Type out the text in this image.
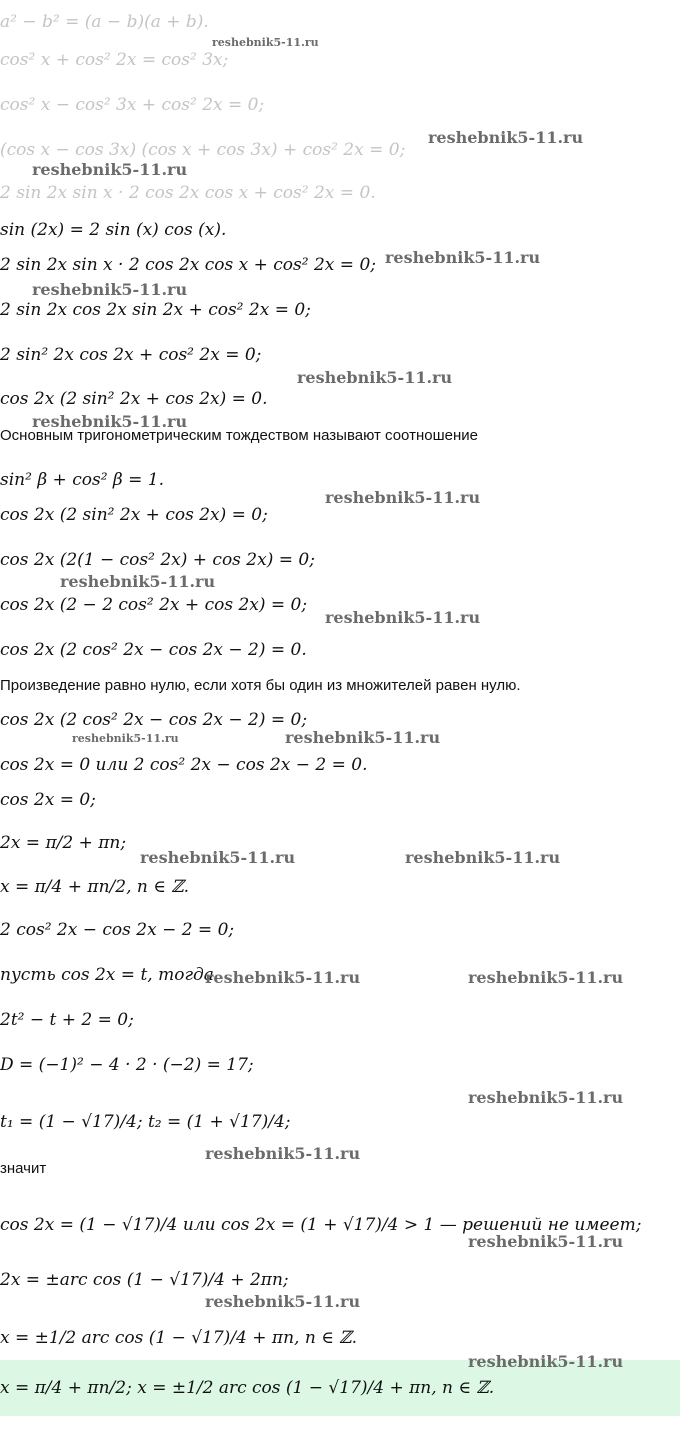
a² − b² = (a − b)(a + b).
cos² x + cos² 2x = cos² 3x;
cos² x − cos² 3x + cos² 2x = 0;
(cos x − cos 3x) (cos x + cos 3x) + cos² 2x = 0;
2 sin 2x sin x · 2 cos 2x cos x + cos² 2x = 0.
sin (2x) = 2 sin (x) cos (x).
2 sin 2x sin x · 2 cos 2x cos x + cos² 2x = 0;
2 sin 2x cos 2x sin 2x + cos² 2x = 0;
2 sin² 2x cos 2x + cos² 2x = 0;
cos 2x (2 sin² 2x + cos 2x) = 0.
Основным тригонометрическим тождеством называют соотношение
sin² β + cos² β = 1.
cos 2x (2 sin² 2x + cos 2x) = 0;
cos 2x (2(1 − cos² 2x) + cos 2x) = 0;
cos 2x (2 − 2 cos² 2x + cos 2x) = 0;
cos 2x (2 cos² 2x − cos 2x − 2) = 0.
Произведение равно нулю, если хотя бы один из множителей равен нулю.
cos 2x (2 cos² 2x − cos 2x − 2) = 0;
cos 2x = 0 или 2 cos² 2x − cos 2x − 2 = 0.
cos 2x = 0;
2x = π/2 + πn;
x = π/4 + πn/2, n ∈ ℤ.
2 cos² 2x − cos 2x − 2 = 0;
пусть cos 2x = t, тогда
2t² − t + 2 = 0;
D = (−1)² − 4 · 2 · (−2) = 17;
t₁ = (1 − √17)/4; t₂ = (1 + √17)/4;
значит
cos 2x = (1 − √17)/4 или cos 2x = (1 + √17)/4 > 1 — решений не имеет;
2x = ±arc cos (1 − √17)/4 + 2πn;
x = ±1/2 arc cos (1 − √17)/4 + πn, n ∈ ℤ.
x = π/4 + πn/2; x = ±1/2 arc cos (1 − √17)/4 + πn, n ∈ ℤ.
reshebnik5-11.ru
reshebnik5-11.ru
reshebnik5-11.ru
reshebnik5-11.ru
reshebnik5-11.ru
reshebnik5-11.ru
reshebnik5-11.ru
reshebnik5-11.ru
reshebnik5-11.ru
reshebnik5-11.ru
reshebnik5-11.ru	reshebnik5-11.ru
reshebnik5-11.ru	reshebnik5-11.ru
reshebnik5-11.ru	reshebnik5-11.ru
reshebnik5-11.ru
reshebnik5-11.ru
reshebnik5-11.ru
reshebnik5-11.ru
reshebnik5-11.ru
